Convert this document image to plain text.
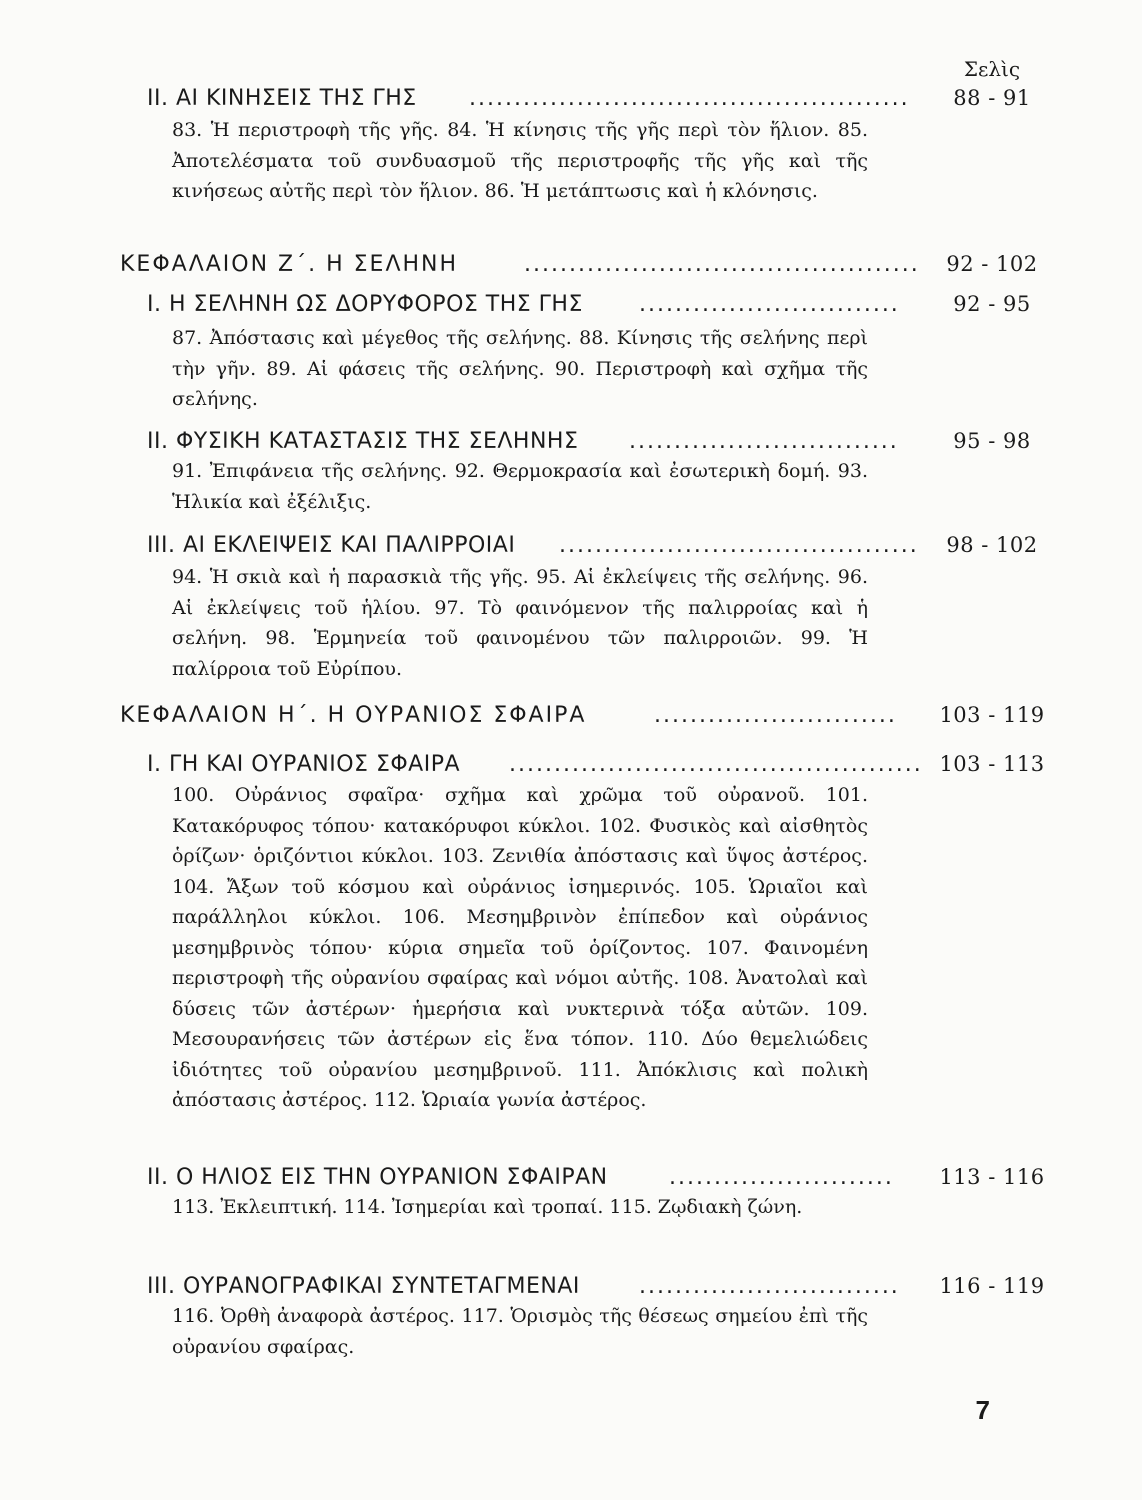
Σελὶς
II. ΑΙ ΚΙΝΗΣΕΙΣ ΤΗΣ ΓΗΣ ................................................. 88 - 91
83. Ἡ περιστροφὴ τῆς γῆς. 84. Ἡ κίνησις τῆς γῆς περὶ τὸν ἥλιον. 85. Ἀποτελέσματα τοῦ συνδυασμοῦ τῆς περιστροφῆς τῆς γῆς καὶ τῆς κινήσεως αὐτῆς περὶ τὸν ἥλιον. 86. Ἡ μετάπτωσις καὶ ἡ κλόνησις.
ΚΕΦΑΛΑΙΟΝ Ζ΄. Η ΣΕΛΗΝΗ	............................................ 92 - 102
I. Η ΣΕΛΗΝΗ ΩΣ ΔΟΡΥΦΟΡΟΣ ΤΗΣ ΓΗΣ	.............................	92 - 95
87. Ἀπόστασις καὶ μέγεθος τῆς σελήνης. 88. Κίνησις τῆς σελήνης περὶ τὴν γῆν. 89. Αἱ φάσεις τῆς σελήνης. 90. Περιστροφὴ καὶ σχῆμα τῆς σελήνης.
II. ΦΥΣΙΚΗ ΚΑΤΑΣΤΑΣΙΣ ΤΗΣ ΣΕΛΗΝΗΣ ..............................	95 - 98
91. Ἐπιφάνεια τῆς σελήνης. 92. Θερμοκρασία καὶ ἐσωτερικὴ δομή. 93. Ἡλικία καὶ ἐξέλιξις.
III. ΑΙ ΕΚΛΕΙΨΕΙΣ ΚΑΙ ΠΑΛΙΡΡΟΙΑΙ ........................................ 98 - 102
94. Ἡ σκιὰ καὶ ἡ παρασκιὰ τῆς γῆς. 95. Αἱ ἐκλείψεις τῆς σελήνης. 96. Αἱ ἐκλείψεις τοῦ ἡλίου. 97. Τὸ φαινόμενον τῆς παλιρροίας καὶ ἡ σελήνη. 98. Ἑρμηνεία τοῦ φαινομένου τῶν παλιρροιῶν. 99. Ἡ παλίρροια τοῦ Εὐρίπου.
ΚΕΦΑΛΑΙΟΝ Η΄. Η ΟΥΡΑΝΙΟΣ ΣΦΑΙΡΑ	........................... 103 - 119
I. ΓΗ ΚΑΙ ΟΥΡΑΝΙΟΣ ΣΦΑΙΡΑ .............................................. 103 - 113
100. Οὐράνιος σφαῖρα· σχῆμα καὶ χρῶμα τοῦ οὐρανοῦ. 101. Κατακόρυφος τόπου· κατακόρυφοι κύκλοι. 102. Φυσικὸς καὶ αἰσθητὸς ὁρίζων· ὁριζόντιοι κύκλοι. 103. Ζενιθία ἀπόστασις καὶ ὕψος ἀστέρος. 104. Ἄξων τοῦ κόσμου καὶ οὐράνιος ἰσημερινός. 105. Ὡριαῖοι καὶ παράλληλοι κύκλοι. 106. Μεσημβρινὸν ἐπίπεδον καὶ οὐράνιος μεσημβρινὸς τόπου· κύρια σημεῖα τοῦ ὁρίζοντος. 107. Φαινομένη περιστροφὴ τῆς οὐρανίου σφαίρας καὶ νόμοι αὐτῆς. 108. Ἀνατολαὶ καὶ δύσεις τῶν ἀστέρων· ἡμερήσια καὶ νυκτερινὰ τόξα αὐτῶν. 109. Μεσουρανήσεις τῶν ἀστέρων εἰς ἕνα τόπον. 110. Δύο θεμελιώδεις ἰδιότητες τοῦ οὐρανίου μεσημβρινοῦ. 111. Ἀπόκλισις καὶ πολικὴ ἀπόστασις ἀστέρος. 112. Ὡριαία γωνία ἀστέρος.
II. Ο ΗΛΙΟΣ ΕΙΣ ΤΗΝ ΟΥΡΑΝΙΟΝ ΣΦΑΙΡΑΝ	......................... 113 - 116
113. Ἐκλειπτική. 114. Ἰσημερίαι καὶ τροπαί. 115. Ζῳδιακὴ ζώνη.
III. ΟΥΡΑΝΟΓΡΑΦΙΚΑΙ ΣΥΝΤΕΤΑΓΜΕΝΑΙ	............................. 116 - 119
116. Ὀρθὴ ἀναφορὰ ἀστέρος. 117. Ὁρισμὸς τῆς θέσεως σημείου ἐπὶ τῆς οὐρανίου σφαίρας.
7
